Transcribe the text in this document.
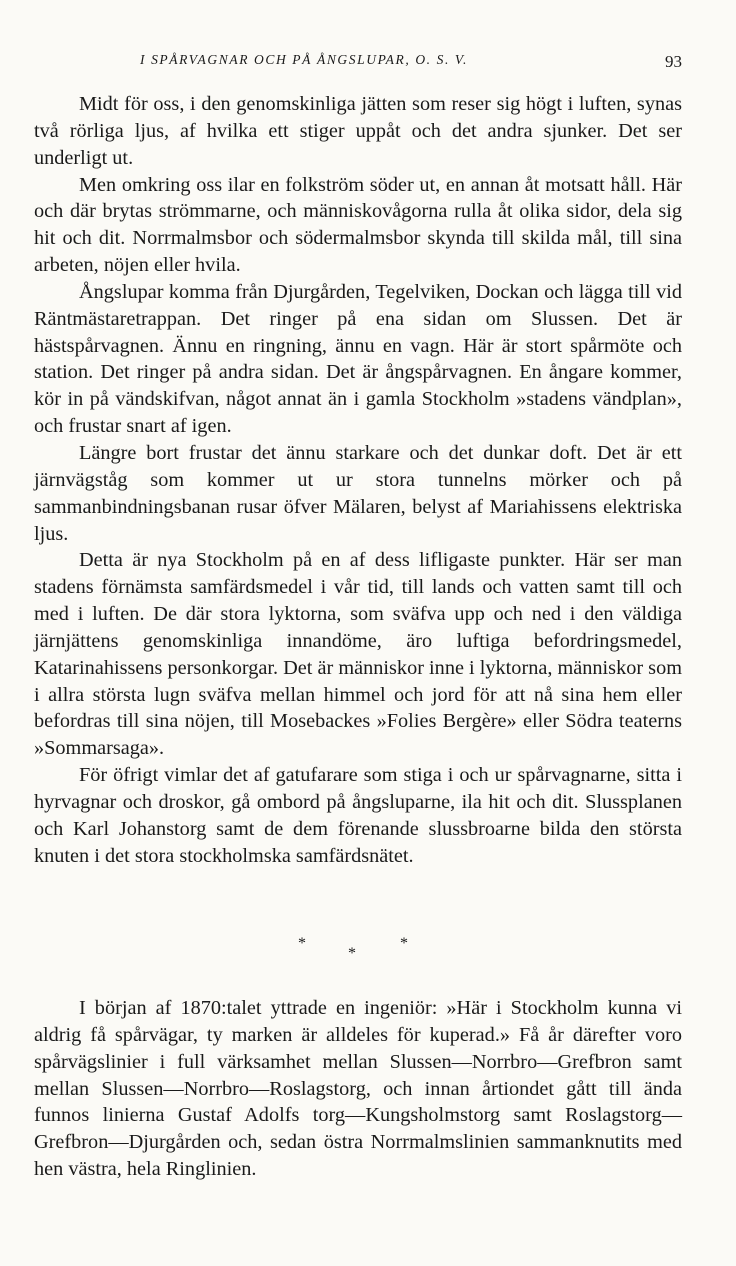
I SPÅRVAGNAR OCH PÅ ÅNGSLUPAR, O. S. V.	93

Midt för oss, i den genomskinliga jätten som reser sig högt i luften, synas två rörliga ljus, af hvilka ett stiger uppåt och det andra sjunker. Det ser underligt ut.

Men omkring oss ilar en folkström söder ut, en annan åt motsatt håll. Här och där brytas strömmarne, och människovågorna rulla åt olika sidor, dela sig hit och dit. Norrmalmsbor och södermalmsbor skynda till skilda mål, till sina arbeten, nöjen eller hvila.

Ångslupar komma från Djurgården, Tegelviken, Dockan och lägga till vid Räntmästaretrappan. Det ringer på ena sidan om Slussen. Det är hästspårvagnen. Ännu en ringning, ännu en vagn. Här är stort spårmöte och station. Det ringer på andra sidan. Det är ångspårvagnen. En ångare kommer, kör in på vändskifvan, något annat än i gamla Stockholm »stadens vändplan», och frustar snart af igen.

Längre bort frustar det ännu starkare och det dunkar doft. Det är ett järnvägståg som kommer ut ur stora tunnelns mörker och på sammanbindningsbanan rusar öfver Mälaren, belyst af Mariahissens elektriska ljus.

Detta är nya Stockholm på en af dess lifligaste punkter. Här ser man stadens förnämsta samfärdsmedel i vår tid, till lands och vatten samt till och med i luften. De där stora lyktorna, som sväfva upp och ned i den väldiga järnjättens genomskinliga innandöme, äro luftiga befordringsmedel, Katarinahissens personkorgar. Det är människor inne i lyktorna, människor som i allra största lugn sväfva mellan himmel och jord för att nå sina hem eller befordras till sina nöjen, till Mosebackes »Folies Bergère» eller Södra teaterns »Sommarsaga».

För öfrigt vimlar det af gatufarare som stiga i och ur spårvagnarne, sitta i hyrvagnar och droskor, gå ombord på ångsluparne, ila hit och dit. Slussplanen och Karl Johanstorg samt de dem förenande slussbroarne bilda den största knuten i det stora stockholmska samfärdsnätet.

*
*
*

I början af 1870:talet yttrade en ingeniör: »Här i Stockholm kunna vi aldrig få spårvägar, ty marken är alldeles för kuperad.» Få år därefter voro spårvägslinier i full värksamhet mellan Slussen—Norrbro—Grefbron samt mellan Slussen—Norrbro—Roslagstorg, och innan årtiondet gått till ända funnos linierna Gustaf Adolfs torg—Kungsholmstorg samt Roslagstorg—Grefbron—Djurgården och, sedan östra Norrmalmslinien sammanknutits med hen västra, hela Ringlinien.
